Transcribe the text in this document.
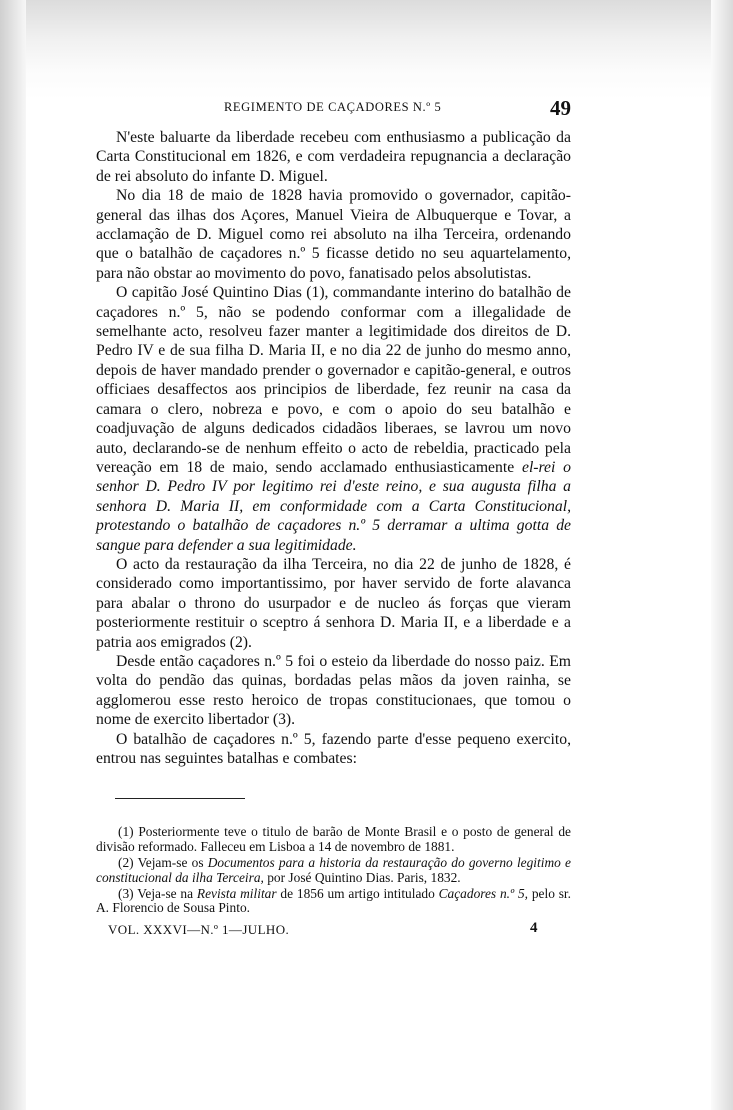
REGIMENTO DE CAÇADORES N.º 5	49

N'este baluarte da liberdade recebeu com enthusiasmo a publicação da Carta Constitucional em 1826, e com verdadeira repugnancia a declaração de rei absoluto do infante D. Miguel.

No dia 18 de maio de 1828 havia promovido o governador, capitão-general das ilhas dos Açores, Manuel Vieira de Albuquerque e Tovar, a acclamação de D. Miguel como rei absoluto na ilha Terceira, ordenando que o batalhão de caçadores n.º 5 ficasse detido no seu aquartelamento, para não obstar ao movimento do povo, fanatisado pelos absolutistas.

O capitão José Quintino Dias (1), commandante interino do batalhão de caçadores n.º 5, não se podendo conformar com a illegalidade de semelhante acto, resolveu fazer manter a legitimidade dos direitos de D. Pedro IV e de sua filha D. Maria II, e no dia 22 de junho do mesmo anno, depois de haver mandado prender o governador e capitão-general, e outros officiaes desaffectos aos principios de liberdade, fez reunir na casa da camara o clero, nobreza e povo, e com o apoio do seu batalhão e coadjuvação de alguns dedicados cidadãos liberaes, se lavrou um novo auto, declarando-se de nenhum effeito o acto de rebeldia, practicado pela vereação em 18 de maio, sendo acclamado enthusiasticamente el-rei o senhor D. Pedro IV por legitimo rei d'este reino, e sua augusta filha a senhora D. Maria II, em conformidade com a Carta Constitucional, protestando o batalhão de caçadores n.º 5 derramar a ultima gotta de sangue para defender a sua legitimidade.

O acto da restauração da ilha Terceira, no dia 22 de junho de 1828, é considerado como importantissimo, por haver servido de forte alavanca para abalar o throno do usurpador e de nucleo ás forças que vieram posteriormente restituir o sceptro á senhora D. Maria II, e a liberdade e a patria aos emigrados (2).

Desde então caçadores n.º 5 foi o esteio da liberdade do nosso paiz. Em volta do pendão das quinas, bordadas pelas mãos da joven rainha, se agglomerou esse resto heroico de tropas constitucionaes, que tomou o nome de exercito libertador (3).

O batalhão de caçadores n.º 5, fazendo parte d'esse pequeno exercito, entrou nas seguintes batalhas e combates:

(1) Posteriormente teve o titulo de barão de Monte Brasil e o posto de general de divisão reformado. Falleceu em Lisboa a 14 de novembro de 1881.

(2) Vejam-se os Documentos para a historia da restauração do governo legitimo e constitucional da ilha Terceira, por José Quintino Dias. Paris, 1832.

(3) Veja-se na Revista militar de 1856 um artigo intitulado Caçadores n.º 5, pelo sr. A. Florencio de Sousa Pinto.

VOL. XXXVI—N.º 1—JULHO.	4
